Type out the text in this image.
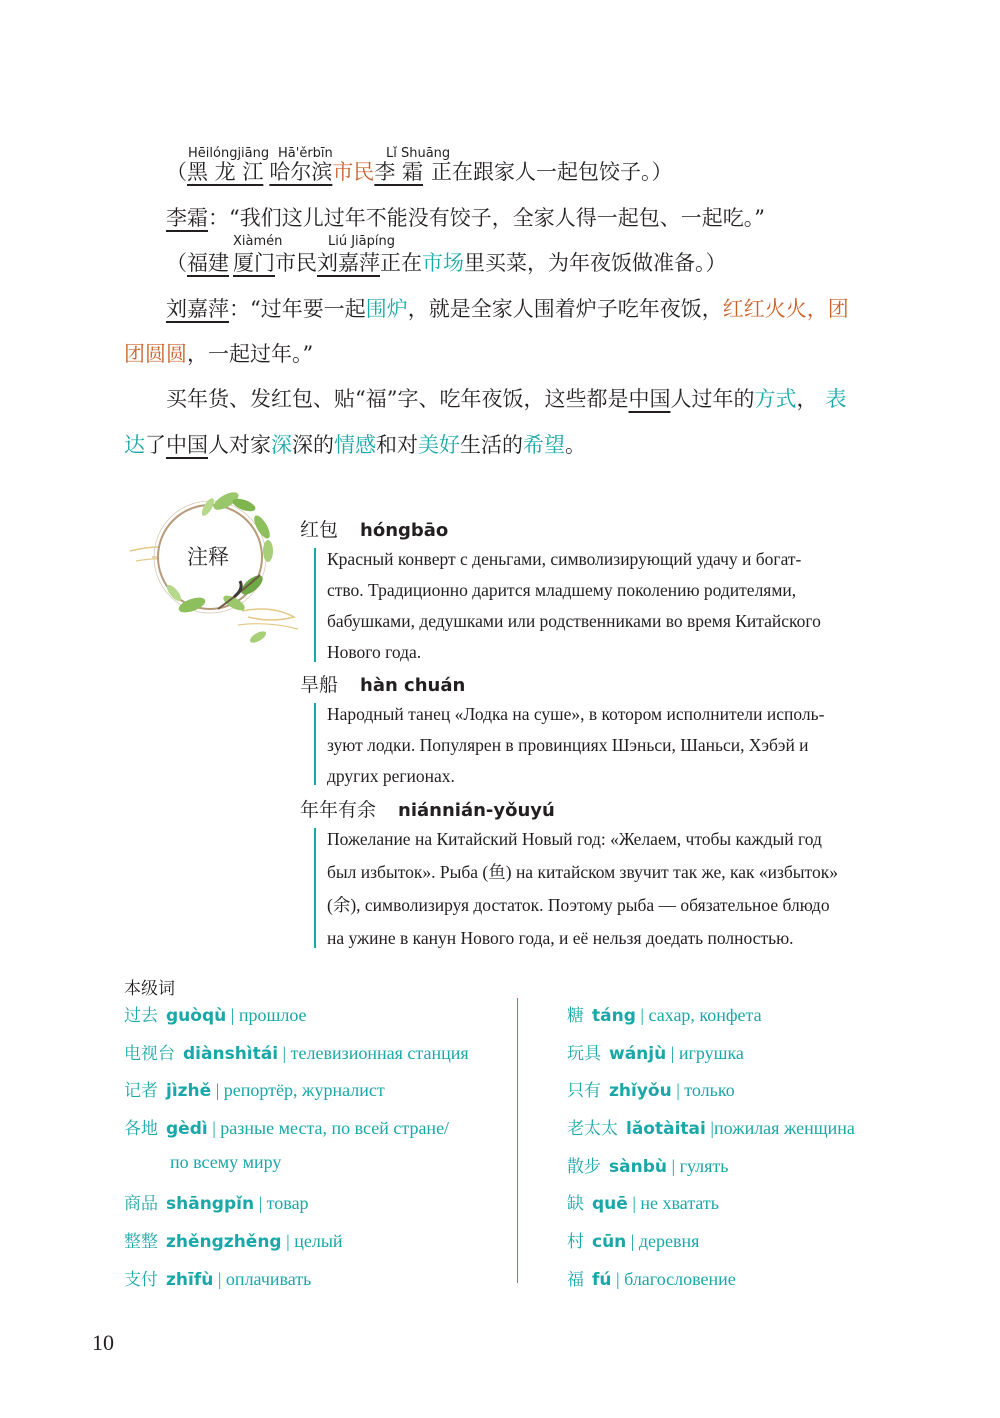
Hēilóngjiāng Hā'ěrbīn	Lǐ Shuāng
（黑 龙 江 哈尔滨市民李 霜 正在跟家人一起包饺子。）
李霜：“我们这儿过年不能没有饺子，全家人得一起包、一起吃。”
Xiàmén	Liú Jiāpíng
（福建 厦门市民刘嘉萍正在市场里买菜，为年夜饭做准备。）
刘嘉萍：“过年要一起围炉，就是全家人围着炉子吃年夜饭，红红火火，团
团圆圆，一起过年。”
买年货、发红包、贴“福”字、吃年夜饭，这些都是中国人过年的方式， 表
达了中国人对家深深的情感和对美好生活的希望。
注释
红包 hóngbāo
Красный конверт с деньгами, символизирующий удачу и богат-
ство. Традиционно дарится младшему поколению родителями,
бабушками, дедушками или родственниками во время Китайского
Нового года.
旱船 hàn chuán
Народный танец «Лодка на суше», в котором исполнители исполь-
зуют лодки. Популярен в провинциях Шэньси, Шаньси, Хэбэй и
других регионах.
年年有余 niánnián-yǒuyú
Пожелание на Китайский Новый год: «Желаем, чтобы каждый год
был избыток». Рыба (鱼) на китайском звучит так же, как «избыток»
(余), символизируя достаток. Поэтому рыба — обязательное блюдо
на ужине в канун Нового года, и её нельзя доедать полностью.
本级词
过去 guòqù | прошлое
电视台 diànshìtái | телевизионная станция
记者 jìzhě | репортёр, журналист
各地 gèdì | разные места, по всей стране/
по всему миру
商品 shāngpǐn | товар
整整 zhěngzhěng | целый
支付 zhīfù | оплачивать
糖 táng | сахар, конфета
玩具 wánjù | игрушка
只有 zhǐyǒu | только
老太太 lǎotàitai |пожилая женщина
散步 sànbù | гулять
缺 quē | не хватать
村 cūn | деревня
福 fú | благословение
10
